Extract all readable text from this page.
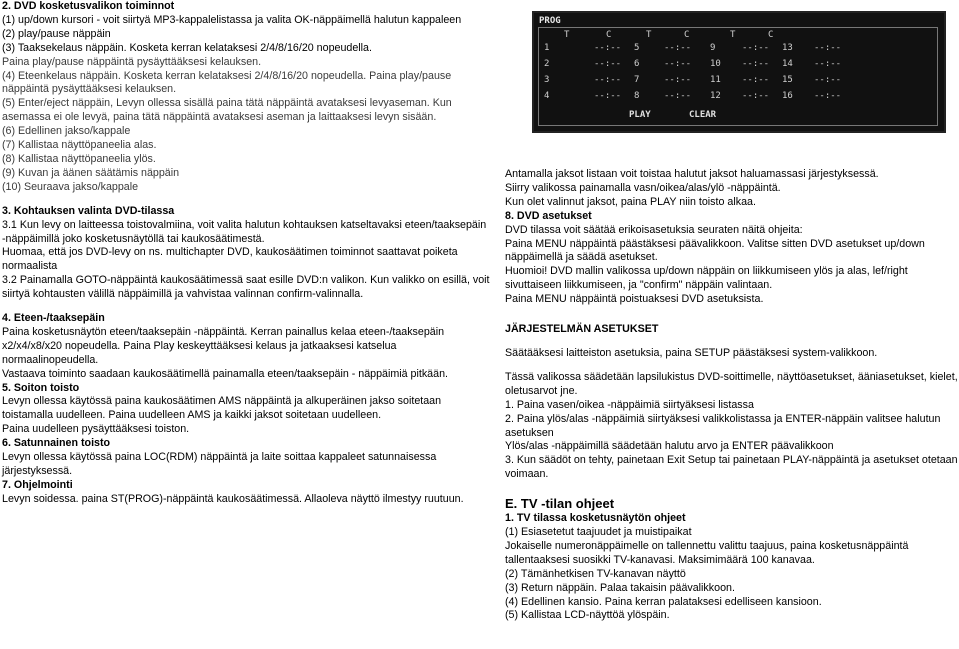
2. DVD kosketusvalikon toiminnot

(1) up/down kursori - voit siirtyä MP3-kappalelistassa ja valita OK-näppäimellä halutun kappaleen

(2) play/pause näppäin

(3) Taaksekelaus näppäin. Kosketa kerran kelataksesi 2/4/8/16/20 nopeudella.

Paina play/pause näppäintä pysäyttääksesi kelauksen.

(4) Eteenkelaus näppäin. Kosketa kerran kelataksesi 2/4/8/16/20 nopeudella. Paina play/pause näppäintä pysäyttääksesi kelauksen.

(5) Enter/eject näppäin, Levyn ollessa sisällä paina tätä näppäintä avataksesi levyaseman. Kun asemassa ei ole levyä, paina tätä näppäintä avataksesi aseman ja laittaaksesi levyn sisään.

(6) Edellinen jakso/kappale

(7) Kallistaa näyttöpaneelia alas.

(8) Kallistaa näyttöpaneelia ylös.

(9) Kuvan ja äänen säätämis näppäin

(10) Seuraava jakso/kappale

3. Kohtauksen valinta DVD-tilassa

3.1 Kun levy on laitteessa toistovalmiina, voit valita halutun kohtauksen katseltavaksi eteen/taaksepäin -näppäimillä joko kosketusnäytöllä tai kaukosäätimestä.

Huomaa, että jos DVD-levy on ns. multichapter DVD, kaukosäätimen toiminnot saattavat poiketa normaalista

3.2 Painamalla GOTO-näppäintä kaukosäätimessä saat esille DVD:n valikon. Kun valikko on esillä, voit siirtyä kohtausten välillä näppäimillä ja vahvistaa valinnan confirm-valinnalla.

4. Eteen-/taaksepäin

Paina kosketusnäytön eteen/taaksepäin -näppäintä. Kerran painallus kelaa eteen-/taaksepäin x2/x4/x8/x20 nopeudella. Paina Play keskeyttääksesi kelaus ja jatkaaksesi katselua normaalinopeudella.

Vastaava toiminto saadaan kaukosäätimellä painamalla eteen/taaksepäin - näppäimiä pitkään.

5. Soiton toisto

Levyn ollessa käytössä paina kaukosäätimen AMS näppäintä ja alkuperäinen jakso soitetaan toistamalla uudelleen. Paina uudelleen AMS ja kaikki jaksot soitetaan uudelleen.

Paina uudelleen pysäyttääksesi toiston.

6. Satunnainen toisto

Levyn ollessa käytössä paina LOC(RDM) näppäintä ja laite soittaa kappaleet satunnaisessa järjestyksessä.

7. Ohjelmointi

Levyn soidessa. paina ST(PROG)-näppäintä kaukosäätimessä. Allaoleva näyttö ilmestyy ruutuun.

PROG
T	C	T	C	T	C
PLAY	CLEAR
1	--:-- 5	--:-- 9	--:-- 13 --:--
2	--:-- 6	--:-- 10 --:-- 14 --:--
3	--:-- 7	--:-- 11 --:-- 15 --:--
4	--:-- 8	--:-- 12 --:-- 16 --:--

Antamalla jaksot listaan voit toistaa halutut jaksot haluamassasi järjestyksessä.

Siirry valikossa painamalla vasn/oikea/alas/ylö -näppäintä.

Kun olet valinnut jaksot, paina PLAY niin toisto alkaa.

8. DVD asetukset

DVD tilassa voit säätää erikoisasetuksia seuraten näitä ohjeita:

Paina MENU näppäintä päästäksesi päävalikkoon. Valitse sitten DVD asetukset up/down näppäimellä ja säädä asetukset.

Huomioi! DVD mallin valikossa up/down näppäin on liikkumiseen ylös ja alas, lef/right sivuttaiseen liikkumiseen, ja "confirm" näppäin valintaan.

Paina MENU näppäintä poistuaksesi DVD asetuksista.

JÄRJESTELMÄN ASETUKSET

Säätääksesi laitteiston asetuksia, paina SETUP päästäksesi system-valikkoon.

Tässä valikossa säädetään lapsilukistus DVD-soittimelle, näyttöasetukset, ääniasetukset, kielet, oletusarvot jne.

1. Paina vasen/oikea -näppäimiä siirtyäksesi listassa

2. Paina ylös/alas -näppäimiä siirtyäksesi valikkolistassa ja ENTER-näppäin valitsee halutun asetuksen

Ylös/alas -näppäimillä säädetään halutu arvo ja ENTER päävalikkoon

3. Kun säädöt on tehty, painetaan Exit Setup tai painetaan PLAY-näppäintä ja asetukset otetaan voimaan.

E. TV -tilan ohjeet

1. TV tilassa kosketusnäytön ohjeet

(1) Esiasetetut taajuudet ja muistipaikat

Jokaiselle numeronäppäimelle on tallennettu valittu taajuus, paina kosketusnäppäintä tallentaaksesi suosikki TV-kanavasi. Maksimimäärä 100 kanavaa.

(2) Tämänhetkisen TV-kanavan näyttö

(3) Return näppäin. Palaa takaisin päävalikkoon.

(4) Edellinen kansio. Paina kerran palataksesi edelliseen kansioon.

(5) Kallistaa LCD-näyttöä ylöspäin.
